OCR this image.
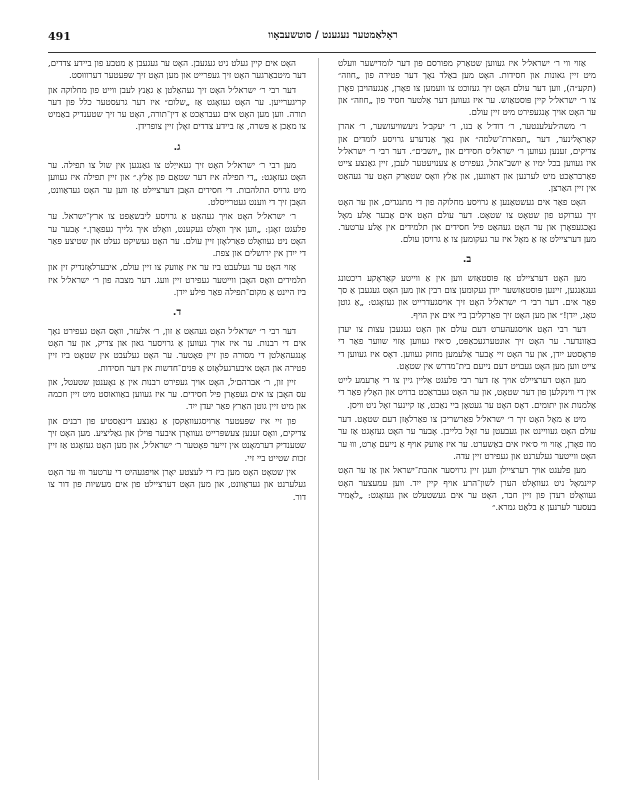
491	ראָלאַמטער נעגענט / סוטשעבאָוו

אַזוי ווי ר׳ ישראל׳ל איז געווען שטאַרק מפורסם פון דער לומדישער וועלט מיט זיין גאונות און חסידות. האָט מען באַלד נאָך דער פטירה פון „חוזה״ (תקע״ה), ווען דער עולם האָט זיך געזוכט צו וועמען צו פאָרן, אַנגעהויבן פאָרן צו ר׳ ישראל׳ל קיין פּוסטאַזש. ער איז געווען דער אַלטער חסיד פון „חוזה״ און ער האָט אויך אָנגעפירט מיט זיין עולם.

ר׳ משה׳לעלענטער, ר׳ דוד׳ל אַ בנו, ר׳ יעקב׳ל ניעשוויעזשער, ר׳ אהרן קאַראָלינער, דער „תפארת־שלמה״ און נאָך אַנדערע גרויסע לומדים און צדיקים, זענען געווען ר׳ ישראל׳ס חסידים און „יושבים״. דער רבי ר׳ ישראל׳ל איז געווען בכל ימיו אַ יושב־אהל, געפירט אַ צענויעטער לעבן, זיין גאַנצע צייט פאַרבראַכט מיט לערנען און דאַוונען, און אַלץ וואָס שטאַרק האָט ער געהאַט אין זיין האַרצן.

האָט פאַר אים געשטאַנען אַ גרויסע מחלוקה פון די מתנגדים, און ער האָט זיך גערוקט פון שטאָט צו שטאָט. דער עולם האָט אים אָבער אַלע מאָל נאָכגעפאָרן און ער האָט געהאַט פיל חסידים און תלמידים אין אַלע ערטער. מען דערציילט אַז אַ מאָל איז ער געקומען צו אַ גרויסן עולם.

ב.

מען האָט דערציילט אַז פּוסטאַזש ווען אין אַ ווייטע קאַראָקע ריכטונג געגאַנגען, זיינען פּוסטאַזשער ייִדן געקומען צום רבין און מען האָט געגעבן אַ סך פאַר אים. דער רבי ר׳ ישראל׳ל האָט זיך אויסגעדרייט און געזאָגט: „אַ גוטן טאָג, ייִדן!״ און מען האָט זיך פאַרקליבן ביי אים אין הויף.

דער רבי האָט אויסגעהערט דעם עולם און האָט געגעבן עצות צו יעדן באַזונדער. ער האָט זיך אונטערגעכאַפּט, ס׳איז געווען אַזוי שווער פאַר די פּראָסטע ייִדן, און ער האָט זיי אָבער אַלעמען מחזק געווען. דאָס איז געווען די צייט ווען מען האָט געבויט דעם נייעם בית־מדרש אין שטאָט.

מען האָט דערציילט אויך אַז דער רבי פלעגט אַליין גיין צו די אָרעמע לייט אין די ווינקלען פון דער שטאָט, און ער האָט געבראַכט ברויט און האָלץ פאַר די אַלמנות און יתומים. דאָס האָט ער געטאָן ביי נאַכט, אַז קיינער זאָל ניט וויסן.

מיט אַ מאָל האָט זיך ר׳ ישראל׳ל פאַרשריבן צו פאַרלאָזן דעם שטאָט. דער עולם האָט געוויינט און געבעטן ער זאָל בלייבן. אָבער ער האָט געזאָגט אַז ער מוז פאָרן, אַזוי ווי ס׳איז אים באַשערט. ער איז אַוועק אויף אַ נייעם אָרט, וווּ ער האָט ווייטער געלערנט און געפירט זיין עדה.

מען פלעגט אויך דערציילן וועגן זיין גרויסער אהבת־ישראל און אַז ער האָט קיינמאָל ניט געוואָלט הערן לשון־הרע אויף קיין ייִד. ווען עמעצער האָט געוואָלט רעדן פון זיין חבר, האָט ער אים געשטעלט און געזאָגט: „לאָמיר בעסער לערנען אַ בלאַט גמרא.״

האָט אים קיין געלט ניט געגעבן. האָט ער געגעבן אַ מטבע פון ביידע צדדים, דער מיטבאַרגער האָט זיך געפרייט און מען האָט זיך שפּעטער דערוווּסט.

דער רבי ר׳ ישראל׳ל האָט זיך געהאַלטן אַ גאַנץ לעבן ווייט פון מחלוקה און קריגערייען. ער האָט געזאָגט אַז „שלום״ איז דער גרעסטער כלל פון דער תורה. ווען מען האָט אים געבראַכט אַ דין־תורה, האָט ער זיך שטענדיק באַמיט צו מאַכן אַ פּשרה, אַז ביידע צדדים זאָלן זיין צופרידן.

ג.

מען רבי ר׳ ישראל׳ל האָט זיך געאייַלט צו גאַנגען אין שול צו תפילה. ער האָט געזאָגט: „די תפילה איז דער שטאַם פון אַלץ.״ און זיין תפילה איז געווען מיט גרויס התלהבות. די חסידים האָבן דערציילט אַז ווען ער האָט געדאַוונט, האָבן זיך די ווענט געטרייסלט.

ר׳ ישראל׳ל האָט אויך געהאַט אַ גרויסע ליבשאַפט צו ארץ־ישראל. ער פלעגט זאָגן: „ווען איך וואָלט געקענט, וואָלט איך גלייך געפאָרן.״ אָבער ער האָט ניט געוואָלט פאַרלאָזן זיין עולם. ער האָט געשיקט געלט און שטיצע פאַר די ייִדן אין ירושלים און צפת.

אַזוי האָט ער געלעבט ביז ער איז אַוועק צו זיין עולם, איבערלאָזנדיק זין און תלמידים וואָס האָבן ווייטער געפירט זיין וועג. דער מצבה פון ר׳ ישראל׳ל איז ביז היינט אַ מקום־תפילה פאַר פילע ייִדן.

ד.

דער רבי ר׳ ישראל׳ל האָט געהאַט אַ זון, ר׳ אלעזר, וואָס האָט געפירט נאָך אים די רבנות. ער איז אויך געווען אַ גרויסער גאון און צדיק, און ער האָט אָנגעהאַלטן די מסורה פון זיין פאָטער. ער האָט געלעבט אין שטאָט ביז זיין פטירה און האָט איבערגעלאָזט אַ פּנים־חדשות אין דער חסידות.

זיין זון, ר׳ אברהם׳ל, האָט אויך געפירט רבנות אין אַ נאָענטן שטעטל, און עס האָבן צו אים געפאָרן פיל חסידים. ער איז געווען באַוואוסט מיט זיין חכמה און מיט זיין גוטן האַרץ פאַר יעדן ייִד.

פון זיי איז שפּעטער אַרויסגעוואַקסן אַ גאַנצע דינאַסטיע פון רבנים און צדיקים, וואָס זענען צעשפּרייט געוואָרן איבער פּוילן און גאַליציע. מען האָט זיך שטענדיק דערמאָנט אין זייער פאָטער ר׳ ישראל׳ל, און מען האָט געזאָגט אַז זיין זכות שטייט ביי זיי.

אין שטאָט האָט מען ביז די לעצטע יאָרן אויפגעהיט די ערטער וווּ ער האָט געלערנט און געדאַוונט, און מען האָט דערציילט פון אים מעשיות פון דור צו דור.
